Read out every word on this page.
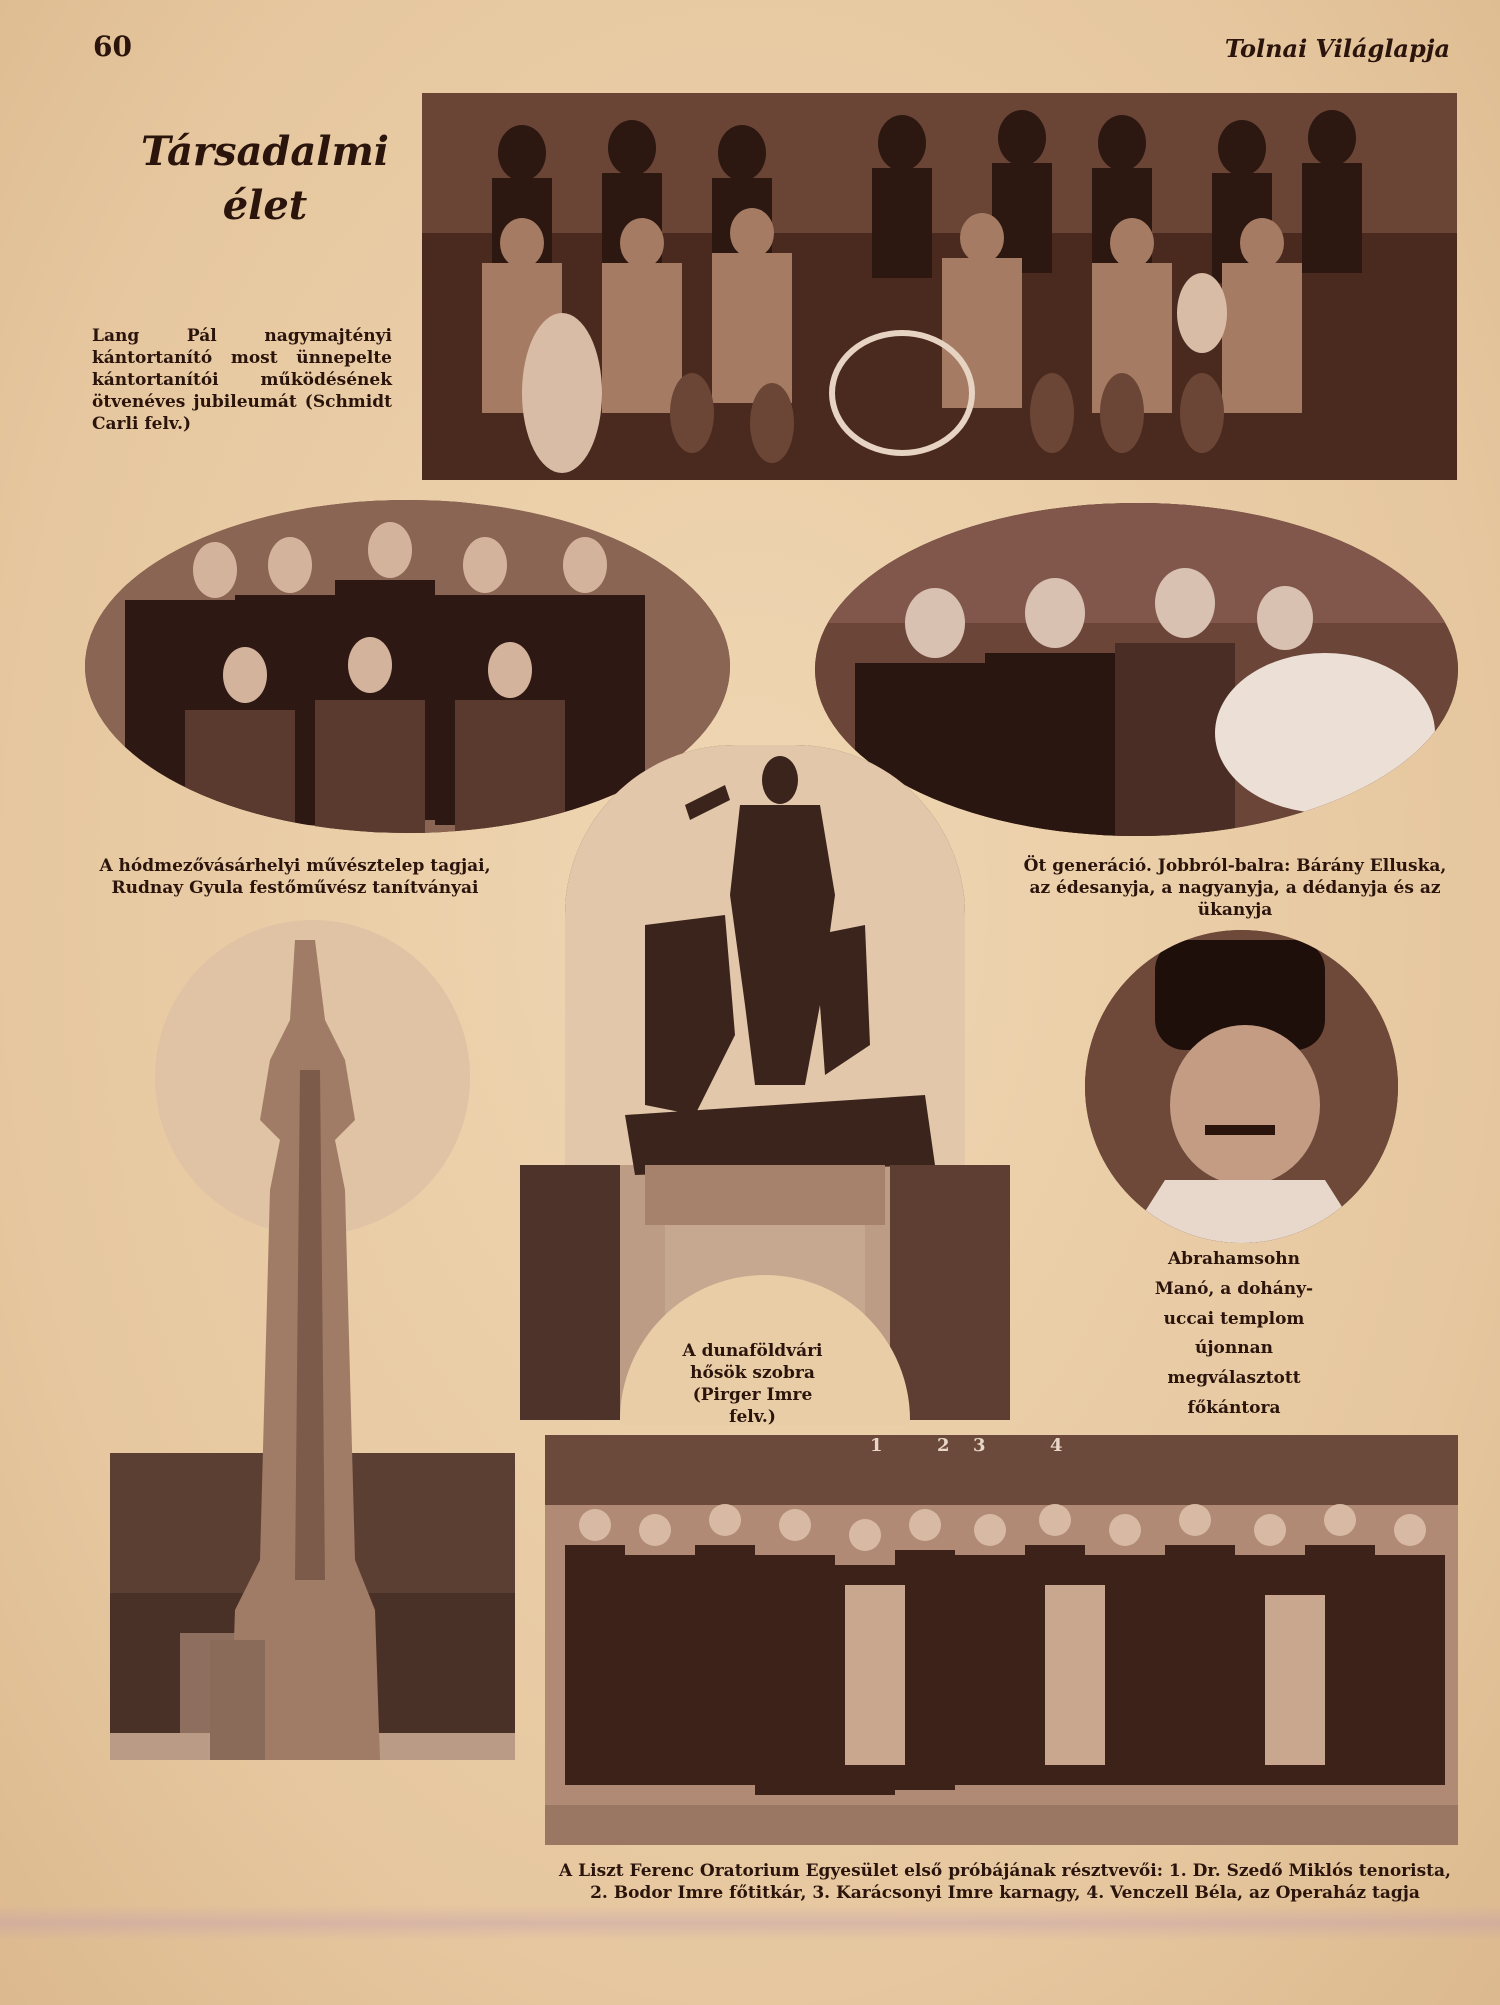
60	Tolnai Világlapja
Társadalmi élet
Lang Pál nagymajtényi kántortanító most ünnepelte kántortanítói működésének ötvenéves jubileumát (Schmidt Carli felv.)
A hódmezővásárhelyi művésztelep tagjai, Rudnay Gyula festőművész tanítványai
Öt generáció. Jobbról-balra: Bárány Elluska, az édesanyja, a nagyanyja, a dédanyja és az ükanyja
A dunaföldvári hősök szobra (Pirger Imre felv.)
Abrahamsohn Manó, a dohány-uccai templom újonnan megválasztott főkántora
1	2 3	4
A Liszt Ferenc Oratorium Egyesület első próbájának résztvevői: 1. Dr. Szedő Miklós tenorista, 2. Bodor Imre főtitkár, 3. Karácsonyi Imre karnagy, 4. Venczell Béla, az Operaház tagja
